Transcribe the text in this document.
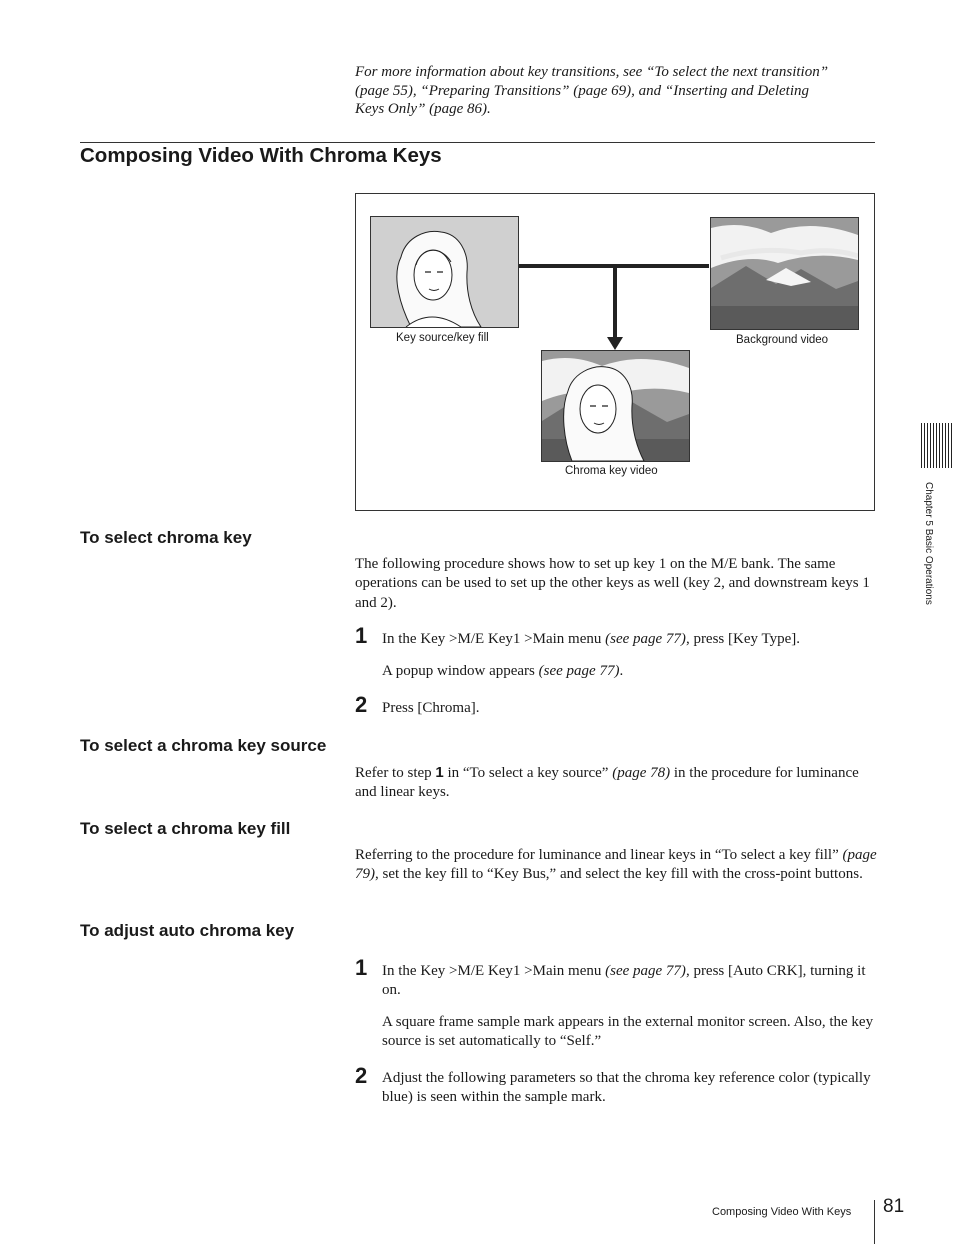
For more information about key transitions, see “To select the next transition”
(page 55), “Preparing Transitions” (page 69), and “Inserting and Deleting
Keys Only” (page 86).
Composing Video With Chroma Keys
Key source/key fill	Background video
Chroma key video
To select chroma key
The following procedure shows how to set up key 1 on the M/E bank. The same operations can be used to set up the other keys as well (key 2, and downstream keys 1 and 2).
1 In the Key >M/E Key1 >Main menu (see page 77), press [Key Type].
A popup window appears (see page 77).
2 Press [Chroma].
To select a chroma key source
Refer to step 1 in “To select a key source” (page 78) in the procedure for luminance and linear keys.
To select a chroma key fill
Referring to the procedure for luminance and linear keys in “To select a key fill” (page 79), set the key fill to “Key Bus,” and select the key fill with the cross-point buttons.
To adjust auto chroma key
1 In the Key >M/E Key1 >Main menu (see page 77), press [Auto CRK], turning it on.
A square frame sample mark appears in the external monitor screen. Also, the key source is set automatically to “Self.”
2 Adjust the following parameters so that the chroma key reference color (typically blue) is seen within the sample mark.
Chapter 5 Basic Operations
Composing Video With Keys 81
